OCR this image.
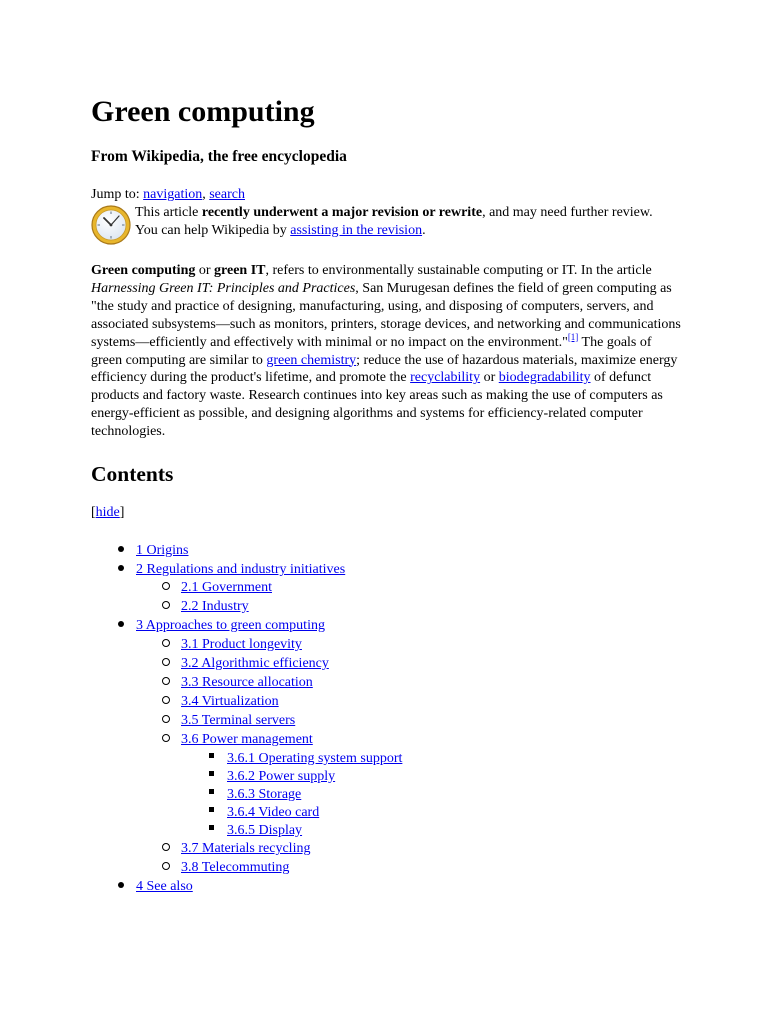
Green computing

From Wikipedia, the free encyclopedia

Jump to: navigation, search

This article recently underwent a major revision or rewrite, and may need further review. You can help Wikipedia by assisting in the revision.

Green computing or green IT, refers to environmentally sustainable computing or IT. In the article Harnessing Green IT: Principles and Practices, San Murugesan defines the field of green computing as "the study and practice of designing, manufacturing, using, and disposing of computers, servers, and associated subsystems—such as monitors, printers, storage devices, and networking and communications systems—efficiently and effectively with minimal or no impact on the environment."[1] The goals of green computing are similar to green chemistry; reduce the use of hazardous materials, maximize energy efficiency during the product's lifetime, and promote the recyclability or biodegradability of defunct products and factory waste. Research continues into key areas such as making the use of computers as energy-efficient as possible, and designing algorithms and systems for efficiency-related computer technologies.

Contents
[hide]
1 Origins
2 Regulations and industry initiatives
2.1 Government
2.2 Industry
3 Approaches to green computing
3.1 Product longevity
3.2 Algorithmic efficiency
3.3 Resource allocation
3.4 Virtualization
3.5 Terminal servers
3.6 Power management
3.6.1 Operating system support
3.6.2 Power supply
3.6.3 Storage
3.6.4 Video card
3.6.5 Display
3.7 Materials recycling
3.8 Telecommuting
4 See also
